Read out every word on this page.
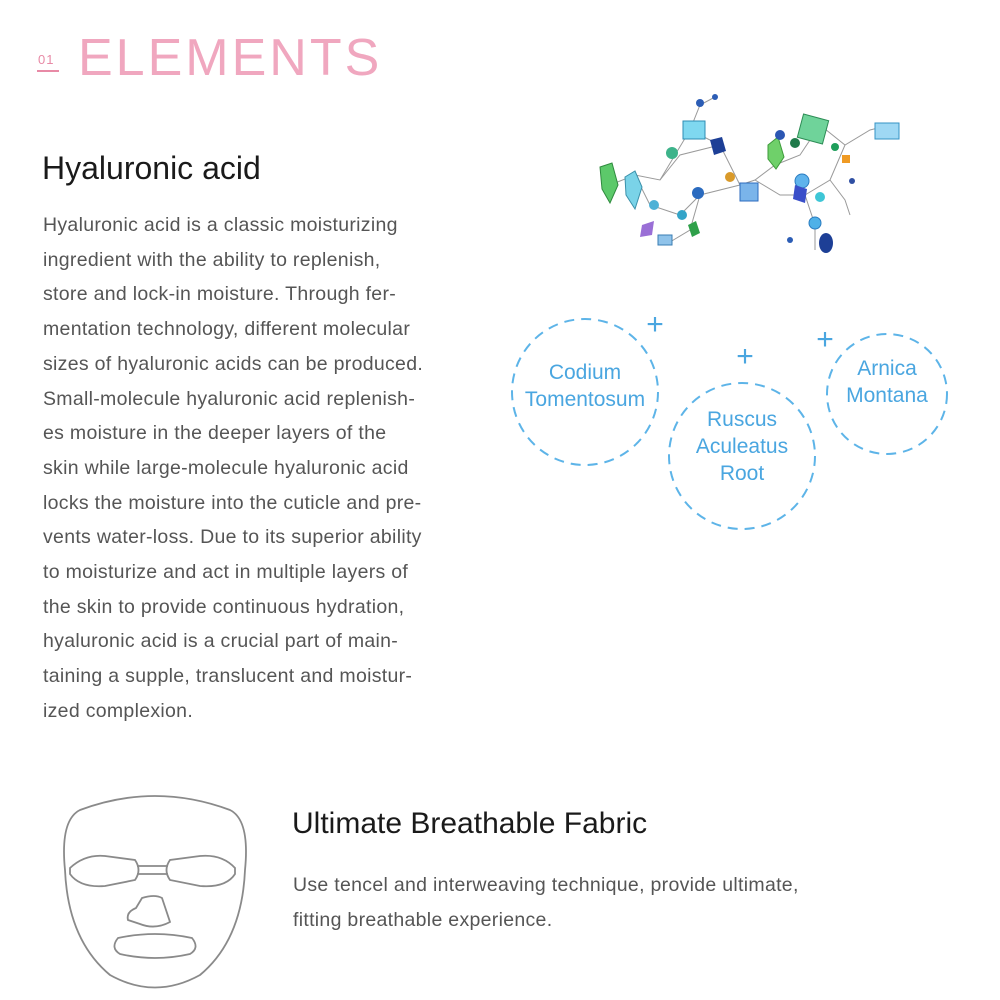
01 ELEMENTS
Hyaluronic acid

Hyaluronic acid is a classic moisturizing
ingredient with the ability to replenish,
store and lock-in moisture. Through fer-
mentation technology, different molecular
sizes of hyaluronic acids can be produced.
Small-molecule hyaluronic acid replenish-
es moisture in the deeper layers of the
skin while large-molecule hyaluronic acid
locks the moisture into the cuticle and pre-
vents water-loss. Due to its superior ability
to moisturize and act in multiple layers of
the skin to provide continuous hydration,
hyaluronic acid is a crucial part of main-
taining a supple, translucent and moistur-
ized complexion.

+
+
+
Codium
Tomentosum
Ruscus
Aculeatus
Root
Arnica
Montana
Ultimate Breathable Fabric

Use tencel and interweaving technique, provide ultimate,
fitting breathable experience.
